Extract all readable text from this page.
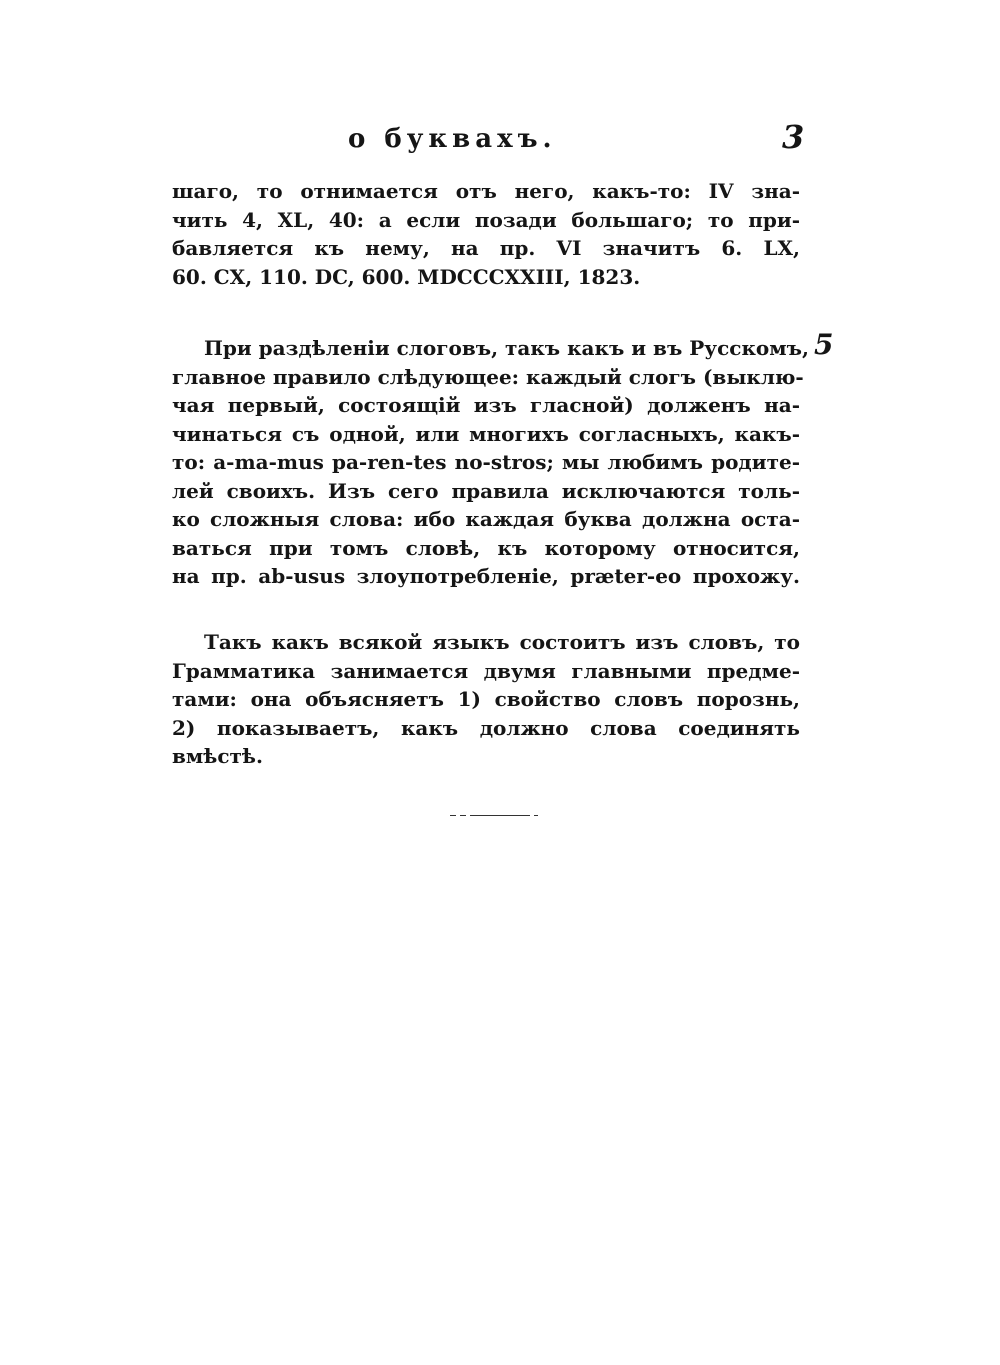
о буквахъ.	3
шаго, то отнимается отъ него, какъ-то: IV зна-
чить 4, XL, 40: а если позади большаго; то при-
бавляется къ нему, на пр. VI значитъ 6. LX,
60. CX, 110. DC, 600. MDCCCXXIII, 1823.
5
При раздѣленіи слоговъ, такъ какъ и въ Русскомъ,
главное правило слѣдующее: каждый слогъ (выклю-
чая первый, состоящій изъ гласной) долженъ на-
чинаться съ одной, или многихъ согласныхъ, какъ-
то: a-ma-mus pa-ren-tes no-stros; мы любимъ родите-
лей своихъ. Изъ сего правила исключаются толь-
ко сложныя слова: ибо каждая буква должна оста-
ваться при томъ словѣ, къ которому относится,
на пр. ab-usus злоупотребленіе, præter-eo прохожу.
Такъ какъ всякой языкъ состоитъ изъ словъ, то
Грамматика занимается двумя главными предме-
тами: она объясняетъ 1) свойство словъ порознь,
2) показываетъ, какъ должно слова соединять
вмѣстѣ.
